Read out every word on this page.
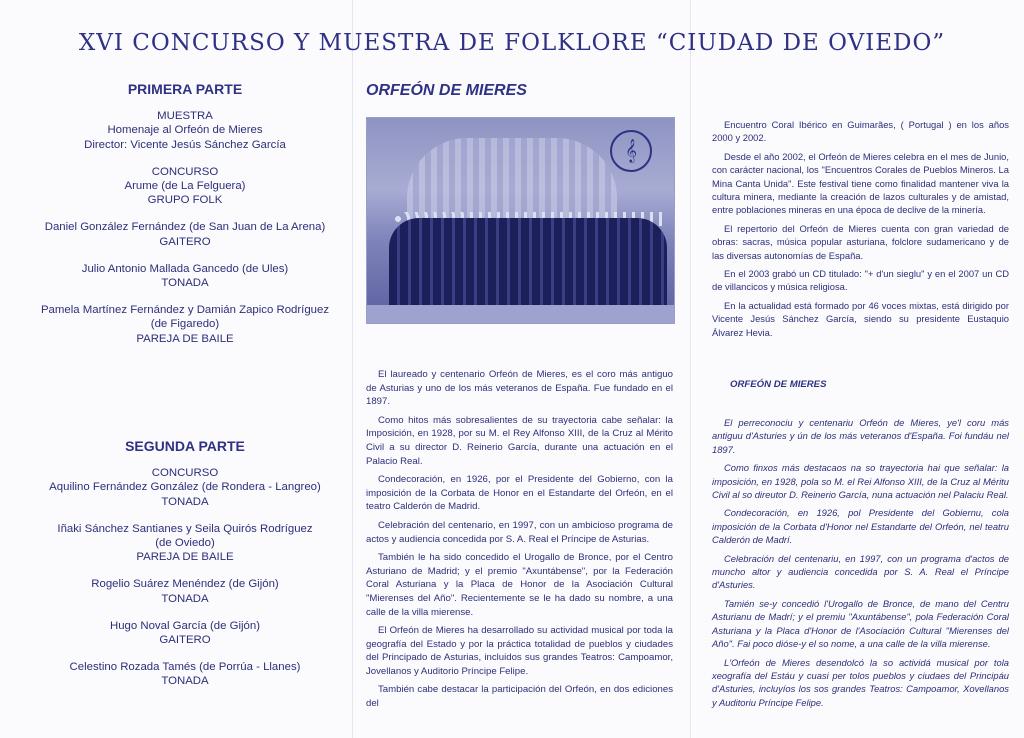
XVI CONCURSO Y MUESTRA DE FOLKLORE “CIUDAD DE OVIEDO”
PRIMERA PARTE
MUESTRA
Homenaje al Orfeón de Mieres
Director: Vicente Jesús Sánchez García
CONCURSO
Arume (de La Felguera)
GRUPO FOLK
Daniel González Fernández (de San Juan de La Arena)
GAITERO
Julio Antonio Mallada Gancedo (de Ules)
TONADA
Pamela Martínez Fernández y Damián Zapico Rodríguez
(de Figaredo)
PAREJA DE BAILE
SEGUNDA PARTE
CONCURSO
Aquilino Fernández González (de Rondera - Langreo)
TONADA
Iñaki Sánchez Santianes y Seila Quirós Rodríguez
(de Oviedo)
PAREJA DE BAILE
Rogelio Suárez Menéndez (de Gijón)
TONADA
Hugo Noval García (de Gijón)
GAITERO
Celestino Rozada Tamés (de Porrúa - Llanes)
TONADA
ORFEÓN DE MIERES
𝄞

El laureado y centenario Orfeón de Mieres, es el coro más antiguo de Asturias y uno de los más veteranos de España. Fue fundado en el 1897.

Como hitos más sobresalientes de su trayectoria cabe señalar: la Imposición, en 1928, por su M. el Rey Alfonso XIII, de la Cruz al Mérito Civil a su director D. Reinerio García, durante una actuación en el Palacio Real.

Condecoración, en 1926, por el Presidente del Gobierno, con la imposición de la Corbata de Honor en el Estandarte del Orfeón, en el teatro Calderón de Madrid.

Celebración del centenario, en 1997, con un ambicioso programa de actos y audiencia concedida por S. A. Real el Príncipe de Asturias.

También le ha sido concedido el Urogallo de Bronce, por el Centro Asturiano de Madrid; y el premio "Axuntábense", por la Federación Coral Asturiana y la Placa de Honor de la Asociación Cultural "Mierenses del Año". Recientemente se le ha dado su nombre, a una calle de la villa mierense.

El Orfeón de Mieres ha desarrollado su actividad musical por toda la geografía del Estado y por la práctica totalidad de pueblos y ciudades del Principado de Asturias, incluidos sus grandes Teatros: Campoamor, Jovellanos y Auditorio Príncipe Felipe.

También cabe destacar la participación del Orfeón, en dos ediciones del

Encuentro Coral Ibérico en Guimarães, ( Portugal ) en los años 2000 y 2002.

Desde el año 2002, el Orfeón de Mieres celebra en el mes de Junio, con carácter nacional, los "Encuentros Corales de Pueblos Mineros. La Mina Canta Unida". Este festival tiene como finalidad mantener viva la cultura minera, mediante la creación de lazos culturales y de amistad, entre poblaciones mineras en una época de declive de la minería.

El repertorio del Orfeón de Mieres cuenta con gran variedad de obras: sacras, música popular asturiana, folclore sudamericano y de las diversas autonomías de España.

En el 2003 grabó un CD titulado: "+ d'un sieglu" y en el 2007 un CD de villancicos y música religiosa.

En la actualidad está formado por 46 voces mixtas, está dirigido por Vicente Jesús Sánchez García, siendo su presidente Eustaquio Álvarez Hevia.

ORFEÓN DE MIERES

El perreconociu y centenariu Orfeón de Mieres, ye'l coru más antiguu d'Asturies y ún de los más veteranos d'España. Foi fundáu nel 1897.

Como finxos más destacaos na so trayectoria hai que señalar: la imposición, en 1928, pola so M. el Rei Alfonso XIII, de la Cruz al Méritu Civil al so direutor D. Reinerio García, nuna actuación nel Palaciu Real.

Condecoración, en 1926, pol Presidente del Gobiernu, cola imposición de la Corbata d'Honor nel Estandarte del Orfeón, nel teatru Calderón de Madrí.

Celebración del centenariu, en 1997, con un programa d'actos de muncho altor y audiencia concedida por S. A. Real el Príncipe d'Asturies.

Tamién se-y concedió l'Urogallo de Bronce, de mano del Centru Asturianu de Madrí; y el premiu "Axuntábense", pola Federación Coral Asturiana y la Placa d'Honor de l'Asociación Cultural "Mierenses del Año". Fai poco dióse-y el so nome, a una calle de la villa mierense.

L'Orfeón de Mieres desendolcó la so actividá musical por tola xeografía del Estáu y cuasi per tolos pueblos y ciudaes del Principáu d'Asturies, incluyíos los sos grandes Teatros: Campoamor, Xovellanos y Auditoriu Príncipe Felipe.
